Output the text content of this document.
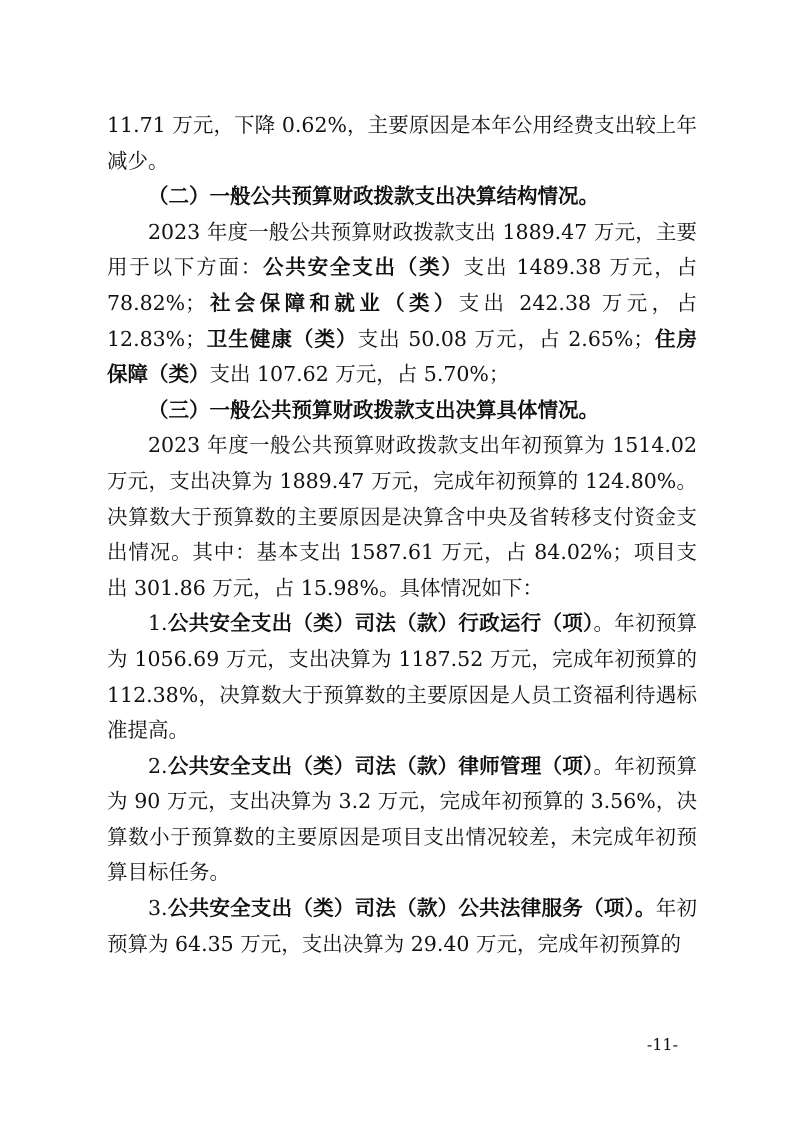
11.71 万元，下降 0.62%，主要原因是本年公用经费支出较上年减少。

（二）一般公共预算财政拨款支出决算结构情况。

2023 年度一般公共预算财政拨款支出 1889.47 万元，主要用于以下方面：公共安全支出（类）支出 1489.38 万元，占 78.82%；社会保障和就业（类）支出 242.38 万元，占 12.83%；卫生健康（类）支出 50.08 万元，占 2.65%；住房保障（类）支出 107.62 万元，占 5.70%；

（三）一般公共预算财政拨款支出决算具体情况。

2023 年度一般公共预算财政拨款支出年初预算为 1514.02 万元，支出决算为 1889.47 万元，完成年初预算的 124.80%。决算数大于预算数的主要原因是决算含中央及省转移支付资金支出情况。其中：基本支出 1587.61 万元，占 84.02%；项目支出 301.86 万元，占 15.98%。具体情况如下：

1.公共安全支出（类）司法（款）行政运行（项）。年初预算为 1056.69 万元，支出决算为 1187.52 万元，完成年初预算的 112.38%，决算数大于预算数的主要原因是人员工资福利待遇标准提高。

2.公共安全支出（类）司法（款）律师管理（项）。年初预算为 90 万元，支出决算为 3.2 万元，完成年初预算的 3.56%，决算数小于预算数的主要原因是项目支出情况较差，未完成年初预算目标任务。

3.公共安全支出（类）司法（款）公共法律服务（项）。年初预算为 64.35 万元，支出决算为 29.40 万元，完成年初预算的

-11-
